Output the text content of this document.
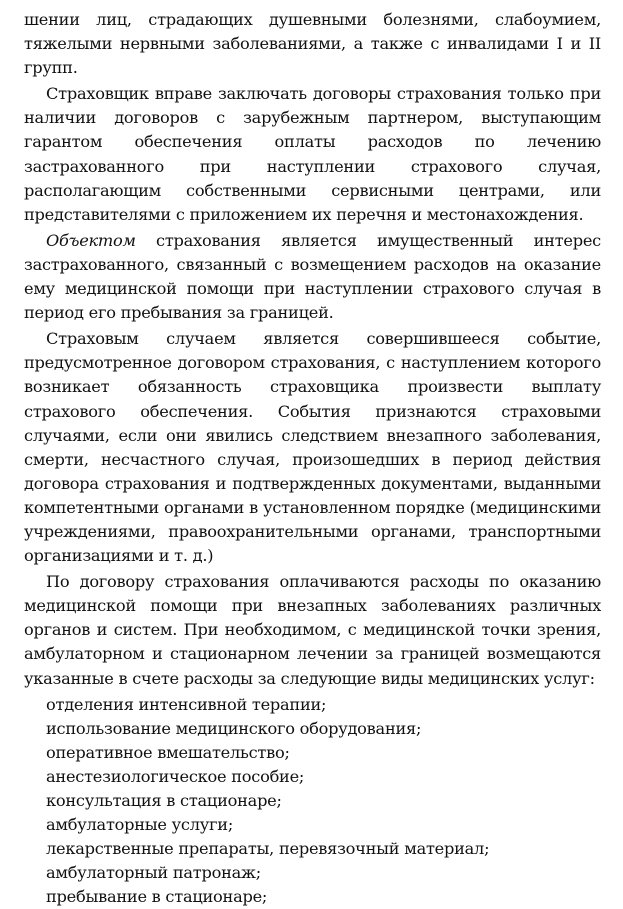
шении лиц, страдающих душевными болезнями, слабоумием, тяжелыми нервными заболеваниями, а также с инвалидами I и II групп.

Страховщик вправе заключать договоры страхования только при наличии договоров с зарубежным партнером, выступающим гарантом обеспечения оплаты расходов по лечению застрахованного при наступлении страхового случая, располагающим собственными сервисными центрами, или представителями с приложением их перечня и местонахождения.

Объектом страхования является имущественный интерес застрахованного, связанный с возмещением расходов на оказание ему медицинской помощи при наступлении страхового случая в период его пребывания за границей.

Страховым случаем является совершившееся событие, предусмотренное договором страхования, с наступлением которого возникает обязанность страховщика произвести выплату страхового обеспечения. События признаются страховыми случаями, если они явились следствием внезапного заболевания, смерти, несчастного случая, произошедших в период действия договора страхования и подтвержденных документами, выданными компетентными органами в установленном порядке (медицинскими учреждениями, правоохранительными органами, транспортными организациями и т. д.)

По договору страхования оплачиваются расходы по оказанию медицинской помощи при внезапных заболеваниях различных органов и систем. При необходимом, с медицинской точки зрения, амбулаторном и стационарном лечении за границей возмещаются указанные в счете расходы за следующие виды медицинских услуг:

отделения интенсивной терапии;
использование медицинского оборудования;
оперативное вмешательство;
анестезиологическое пособие;
консультация в стационаре;
амбулаторные услуги;
лекарственные препараты, перевязочный материал;
амбулаторный патронаж;
пребывание в стационаре;
